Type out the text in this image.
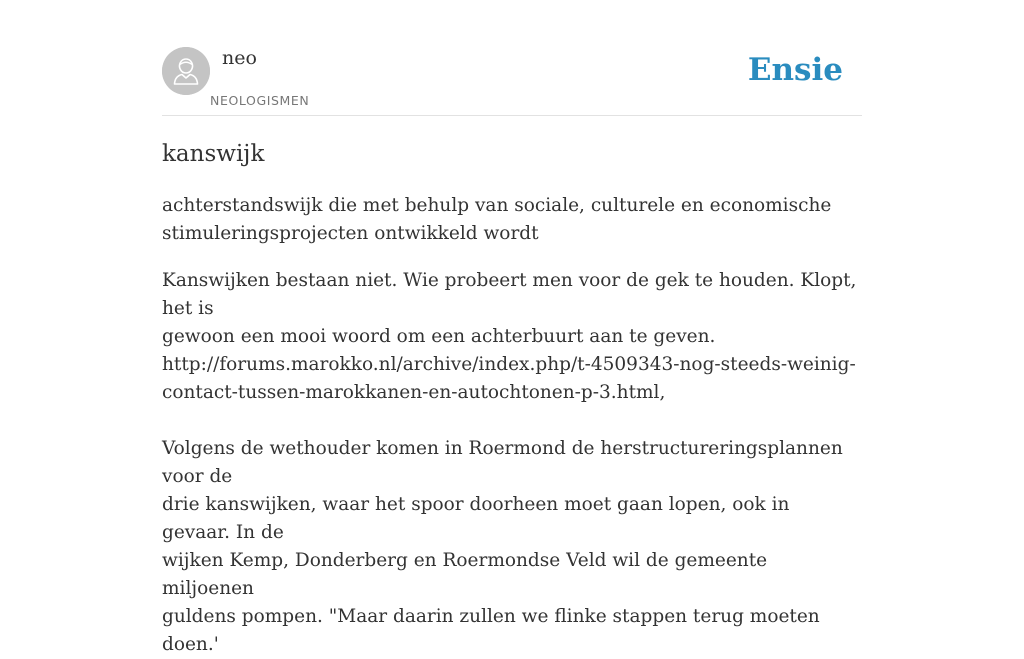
neo
NEOLOGISMEN
Ensie
kanswijk

achterstandswijk die met behulp van sociale, culturele en economische stimuleringsprojecten ontwikkeld wordt

Kanswijken bestaan niet. Wie probeert men voor de gek te houden. Klopt, het is

gewoon een mooi woord om een achterbuurt aan te geven.

http://forums.marokko.nl/archive/index.php/t-4509343-nog-steeds-weinig-

contact-tussen-marokkanen-en-autochtonen-p-3.html,

Volgens de wethouder komen in Roermond de herstructureringsplannen voor de

drie kanswijken, waar het spoor doorheen moet gaan lopen, ook in gevaar. In de

wijken Kemp, Donderberg en Roermondse Veld wil de gemeente miljoenen

guldens pompen. "Maar daarin zullen we flinke stappen terug moeten doen.'
